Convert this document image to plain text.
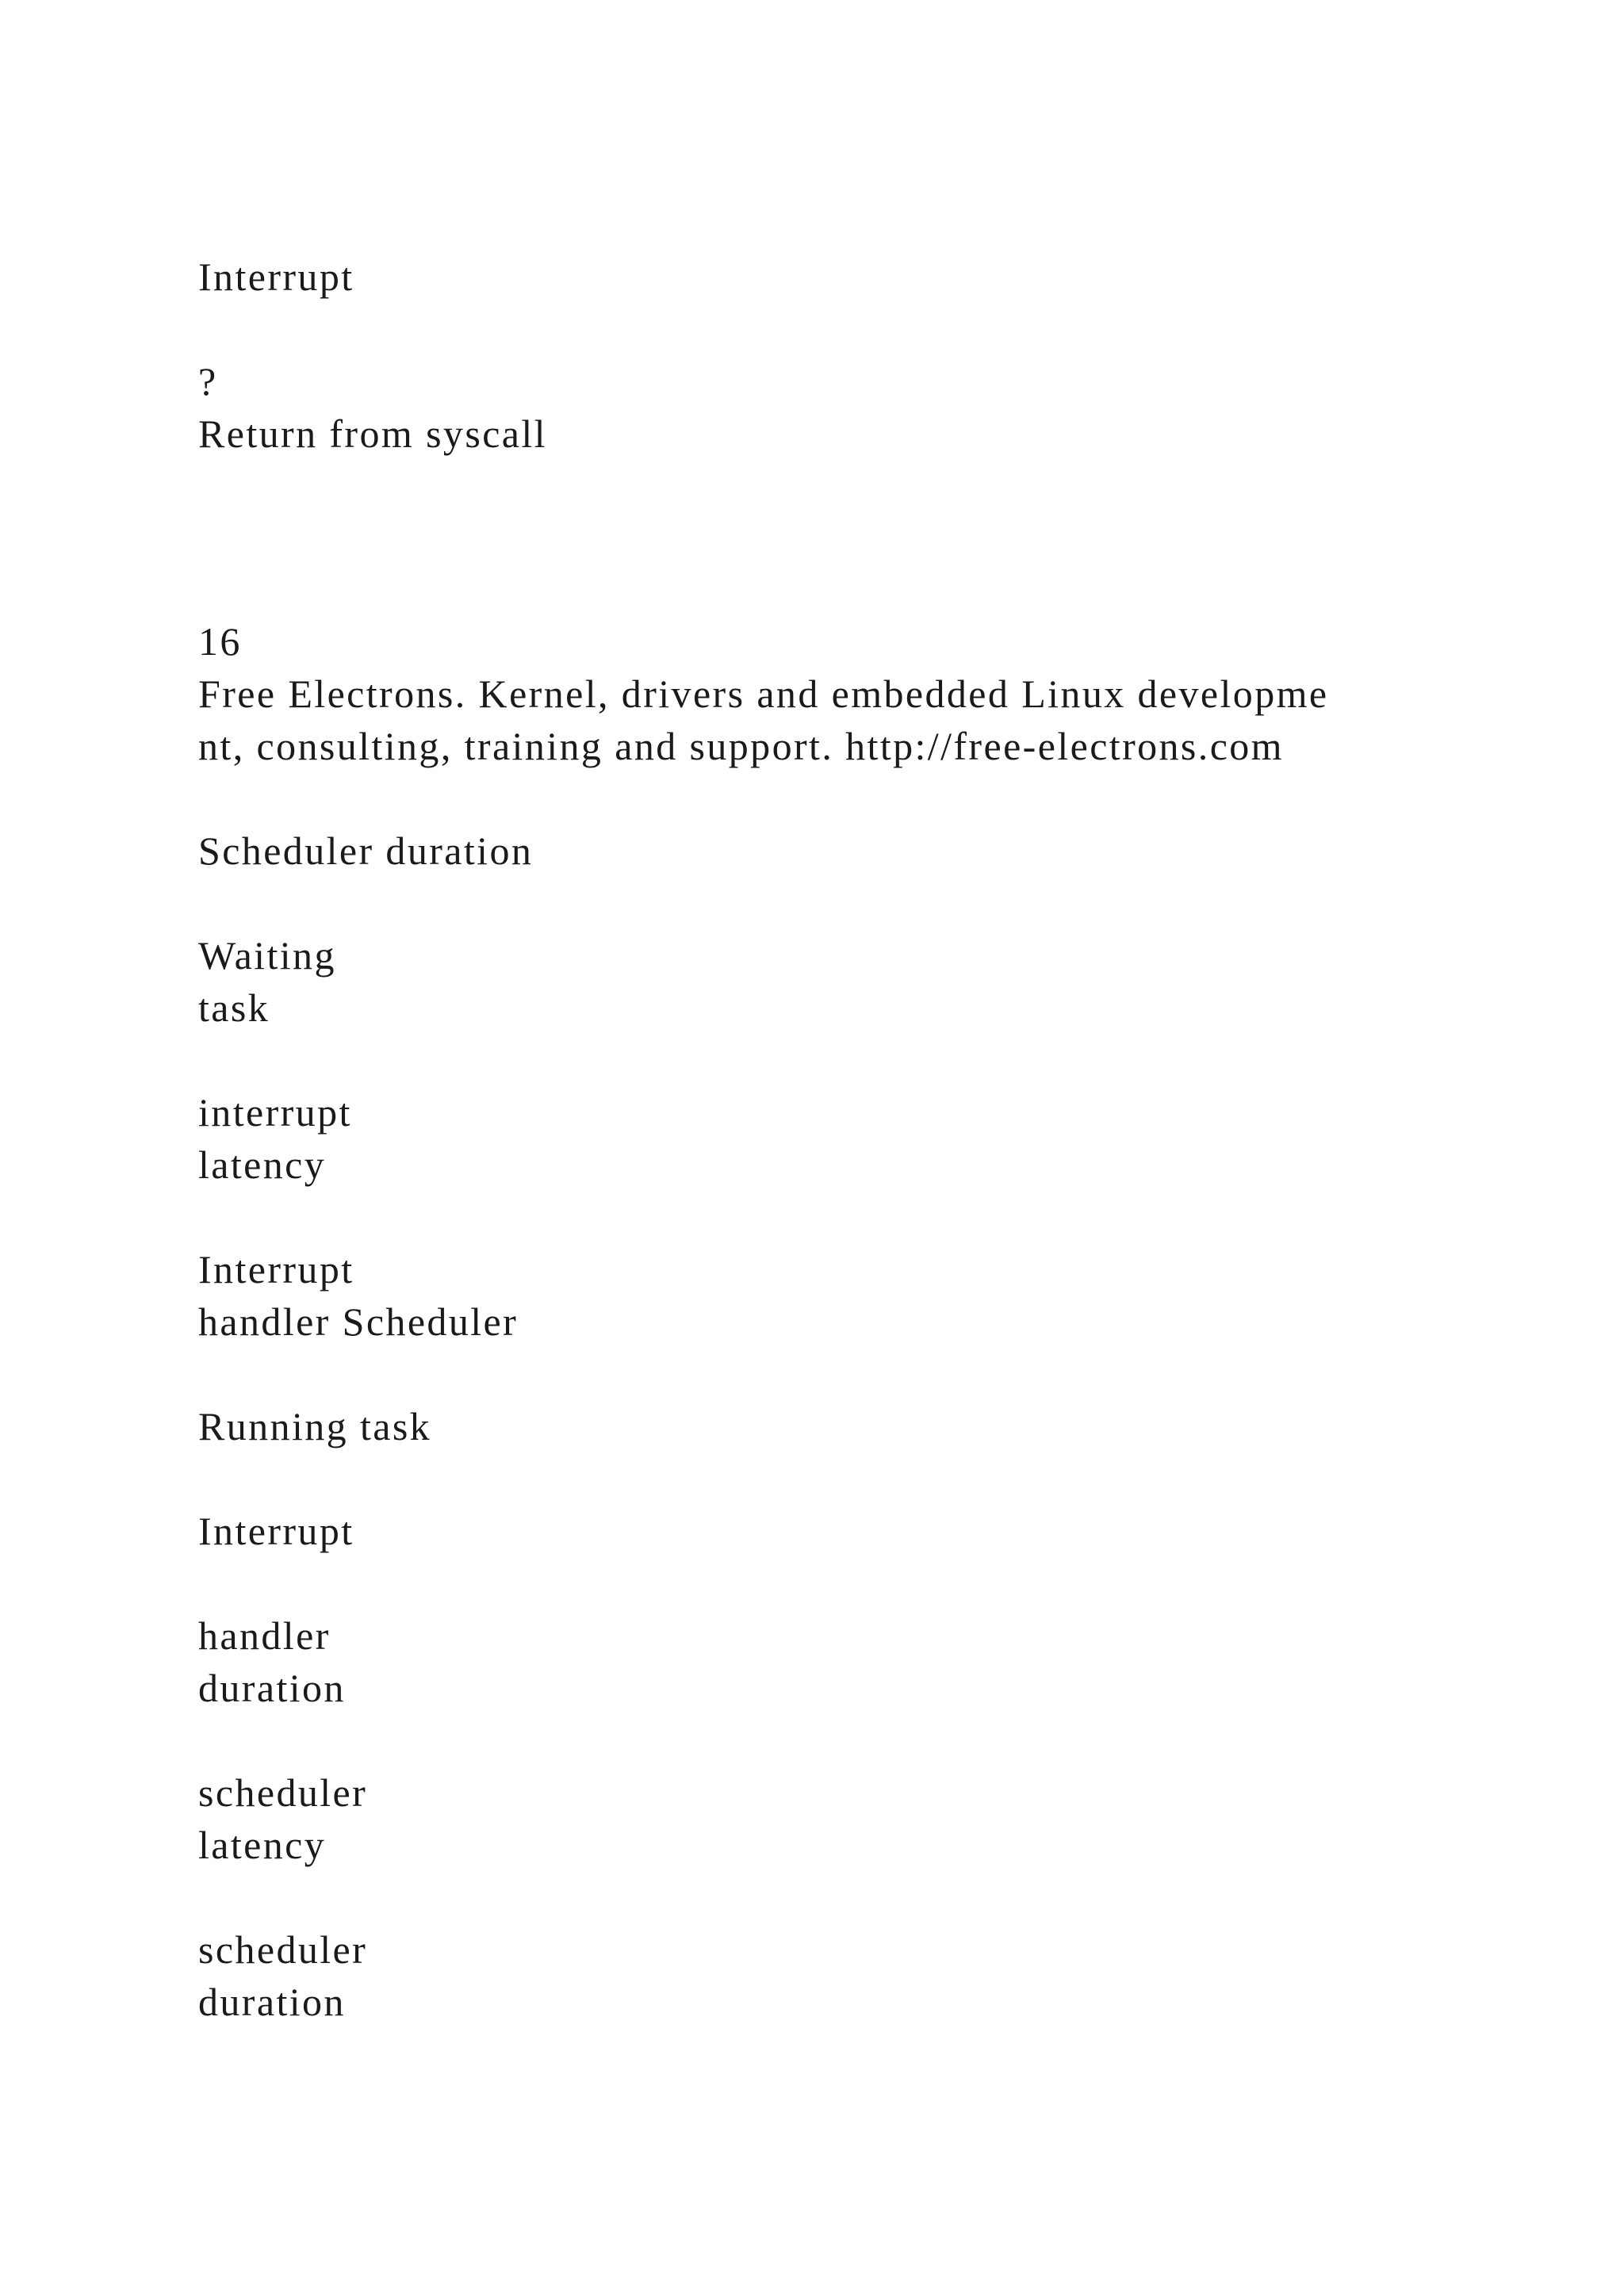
Interrupt
?
Return from syscall
16
Free Electrons. Kernel, drivers and embedded Linux developme
nt, consulting, training and support. http://free-electrons.com
Scheduler duration
Waiting
task
interrupt
latency
Interrupt
handler Scheduler
Running task
Interrupt
handler
duration
scheduler
latency
scheduler
duration
